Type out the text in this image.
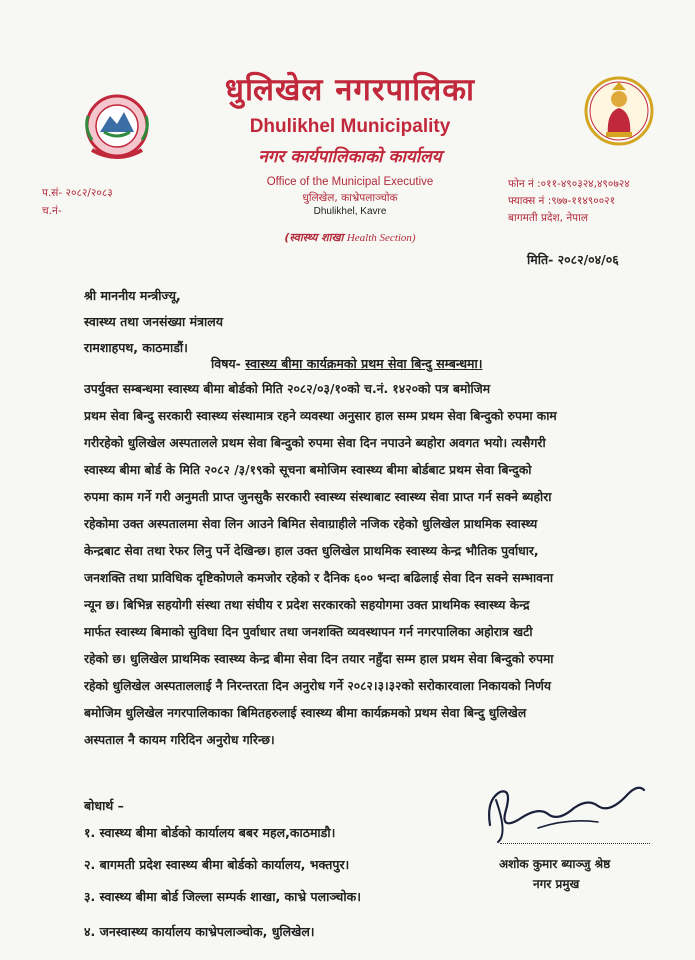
धुलिखेल नगरपालिका
Dhulikhel Municipality
नगर कार्यपालिकाको कार्यालय
Office of the Municipal Executive
धुलिखेल, काभ्रेपलाञ्चोक
Dhulikhel, Kavre
(स्वास्थ्य शाखा Health Section)
प.सं- २०८२/२०८३
च.नं-
फोन नं :०११-४९०३२४,४९०७२४
फ्याक्स नं :९७७-११४९००२१
बागमती प्रदेश, नेपाल
मिति- २०८२/०४/०६
श्री माननीय मन्त्रीज्यू,
स्वास्थ्य तथा जनसंख्या मंत्रालय
रामशाहपथ, काठमाडौं।
विषय- स्वास्थ्य बीमा कार्यक्रमको प्रथम सेवा बिन्दु सम्बन्धमा।
उपर्युक्त सम्बन्धमा स्वास्थ्य बीमा बोर्डको मिति २०८२/०३/१०को च.नं. १४२०को पत्र बमोजिम
प्रथम सेवा बिन्दु सरकारी स्वास्थ्य संस्थामात्र रहने व्यवस्था अनुसार हाल सम्म प्रथम सेवा बिन्दुको रुपमा काम
गरीरहेको धुलिखेल अस्पतालले प्रथम सेवा बिन्दुको रुपमा सेवा दिन नपाउने ब्यहोरा अवगत भयो। त्यसैगरी
स्वास्थ्य बीमा बोर्ड के मिति २०८२ /३/१९को सूचना बमोजिम स्वास्थ्य बीमा बोर्डबाट प्रथम सेवा बिन्दुको
रुपमा काम गर्ने गरी अनुमती प्राप्त जुनसुकै सरकारी स्वास्थ्य संस्थाबाट स्वास्थ्य सेवा प्राप्त गर्न सक्ने ब्यहोरा
रहेकोमा उक्त अस्पतालमा सेवा लिन आउने बिमित सेवाग्राहीले नजिक रहेको धुलिखेल प्राथमिक स्वास्थ्य
केन्द्रबाट सेवा तथा रेफर लिनु पर्ने देखिन्छ। हाल उक्त धुलिखेल प्राथमिक स्वास्थ्य केन्द्र भौतिक पुर्वाधार,
जनशक्ति तथा प्राविधिक दृष्टिकोणले कमजोर रहेको र दैनिक ६०० भन्दा बढिलाई सेवा दिन सक्ने सम्भावना
न्यून छ। बिभिन्न सहयोगी संस्था तथा संघीय र प्रदेश सरकारको सहयोगमा उक्त प्राथमिक स्वास्थ्य केन्द्र
मार्फत स्वास्थ्य बिमाको सुविधा दिन पुर्वाधार तथा जनशक्ति व्यवस्थापन गर्न नगरपालिका अहोरात्र खटी
रहेको छ। धुलिखेल प्राथमिक स्वास्थ्य केन्द्र बीमा सेवा दिन तयार नहुँदा सम्म हाल प्रथम सेवा बिन्दुको रुपमा
रहेको धुलिखेल अस्पताललाई नै निरन्तरता दिन अनुरोध गर्ने २०८२।३।३२को सरोकारवाला निकायको निर्णय
बमोजिम धुलिखेल नगरपालिकाका बिमितहरुलाई स्वास्थ्य बीमा कार्यक्रमको प्रथम सेवा बिन्दु धुलिखेल
अस्पताल नै कायम गरिदिन अनुरोध गरिन्छ।
बोधार्थ –
१. स्वास्थ्य बीमा बोर्डको कार्यालय बबर महल,काठमाडौ।
२. बागमती प्रदेश स्वास्थ्य बीमा बोर्डको कार्यालय, भक्तपुर।
३. स्वास्थ्य बीमा बोर्ड जिल्ला सम्पर्क शाखा, काभ्रे पलाञ्चोक।
४. जनस्वास्थ्य कार्यालय काभ्रेपलाञ्चोक, धुलिखेल।
अशोक कुमार ब्याञ्जु श्रेष्ठ
नगर प्रमुख
